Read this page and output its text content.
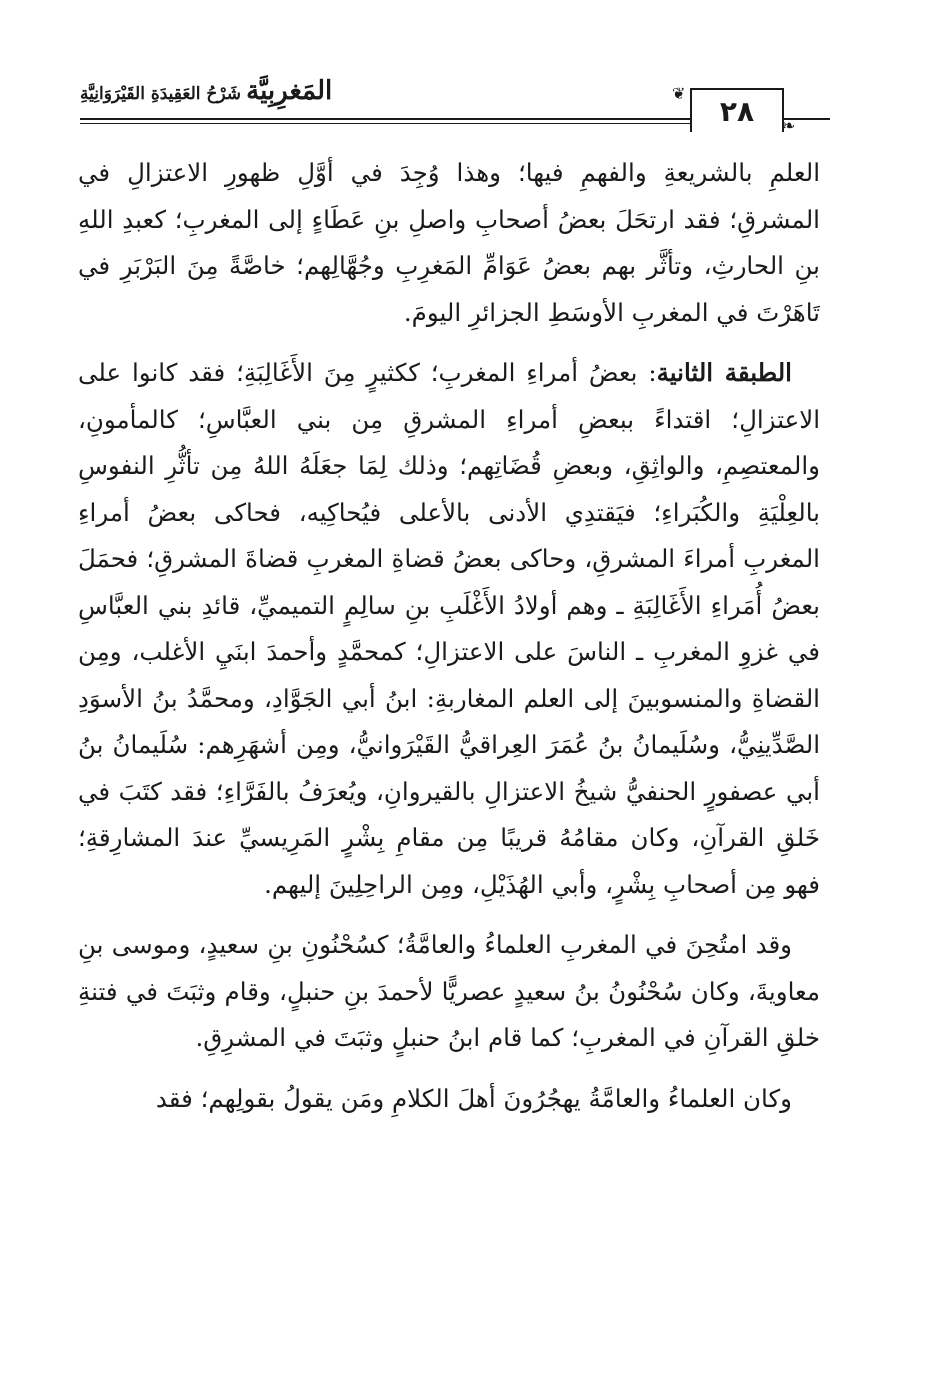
المَغرِبِيَّة شَرْحُ العَقِيدَةِ القَيْرَوَانِيَّةِ	❦
٢٨ ❧

العلمِ بالشريعةِ والفهمِ فيها؛ وهذا وُجِدَ في أوَّلِ ظهورِ الاعتزالِ في المشرقِ؛ فقد ارتحَلَ بعضُ أصحابِ واصلِ بنِ عَطَاءٍ إلى المغربِ؛ كعبدِ اللهِ بنِ الحارثِ، وتأثَّر بهم بعضُ عَوَامِّ المَغرِبِ وجُهَّالِهم؛ خاصَّةً مِنَ البَرْبَرِ في تَاهَرْتَ في المغربِ الأوسَطِ الجزائرِ اليومَ.

الطبقة الثانية: بعضُ أمراءِ المغربِ؛ ككثيرٍ مِنَ الأَغَالِبَةِ؛ فقد كانوا على الاعتزالِ؛ اقتداءً ببعضِ أمراءِ المشرقِ مِن بني العبَّاسِ؛ كالمأمونِ، والمعتصِمِ، والواثِقِ، وبعضِ قُضَاتِهم؛ وذلك لِمَا جعَلَهُ اللهُ مِن تأثُّرِ النفوسِ بالعِلْيَةِ والكُبَراءِ؛ فيَقتدِي الأدنى بالأعلى فيُحاكِيه، فحاكى بعضُ أمراءِ المغربِ أمراءَ المشرقِ، وحاكى بعضُ قضاةِ المغربِ قضاةَ المشرقِ؛ فحمَلَ بعضُ أُمَراءِ الأَغَالِبَةِ ـ وهم أولادُ الأَغْلَبِ بنِ سالِمٍ التميميِّ، قائدِ بني العبَّاسِ في غزوِ المغربِ ـ الناسَ على الاعتزالِ؛ كمحمَّدٍ وأحمدَ ابنَيِ الأغلب، ومِن القضاةِ والمنسوبينَ إلى العلم المغاربةِ: ابنُ أبي الجَوَّادِ، ومحمَّدُ بنُ الأسوَدِ الصَّدِّينِيُّ، وسُلَيمانُ بنُ عُمَرَ العِراقيُّ القَيْرَوانيُّ، ومِن أشهَرِهم: سُلَيمانُ بنُ أبي عصفورٍ الحنفيُّ شيخُ الاعتزالِ بالقيروانِ، ويُعرَفُ بالفَرَّاءِ؛ فقد كتَبَ في خَلقِ القرآنِ، وكان مقامُهُ قريبًا مِن مقامِ بِشْرٍ المَرِيسيِّ عندَ المشارِقةِ؛ فهو مِن أصحابِ بِشْرٍ، وأبي الهُذَيْلِ، ومِن الراحِلِينَ إليهم.

وقد امتُحِنَ في المغربِ العلماءُ والعامَّةُ؛ كسُحْنُونِ بنِ سعيدٍ، وموسى بنِ معاويةَ، وكان سُحْنُونُ بنُ سعيدٍ عصريًّا لأحمدَ بنِ حنبلٍ، وقام وثبَتَ في فتنةِ خلقِ القرآنِ في المغربِ؛ كما قام ابنُ حنبلٍ وثبَتَ في المشرِقِ.

وكان العلماءُ والعامَّةُ يهجُرُونَ أهلَ الكلامِ ومَن يقولُ بقولِهم؛ فقد
